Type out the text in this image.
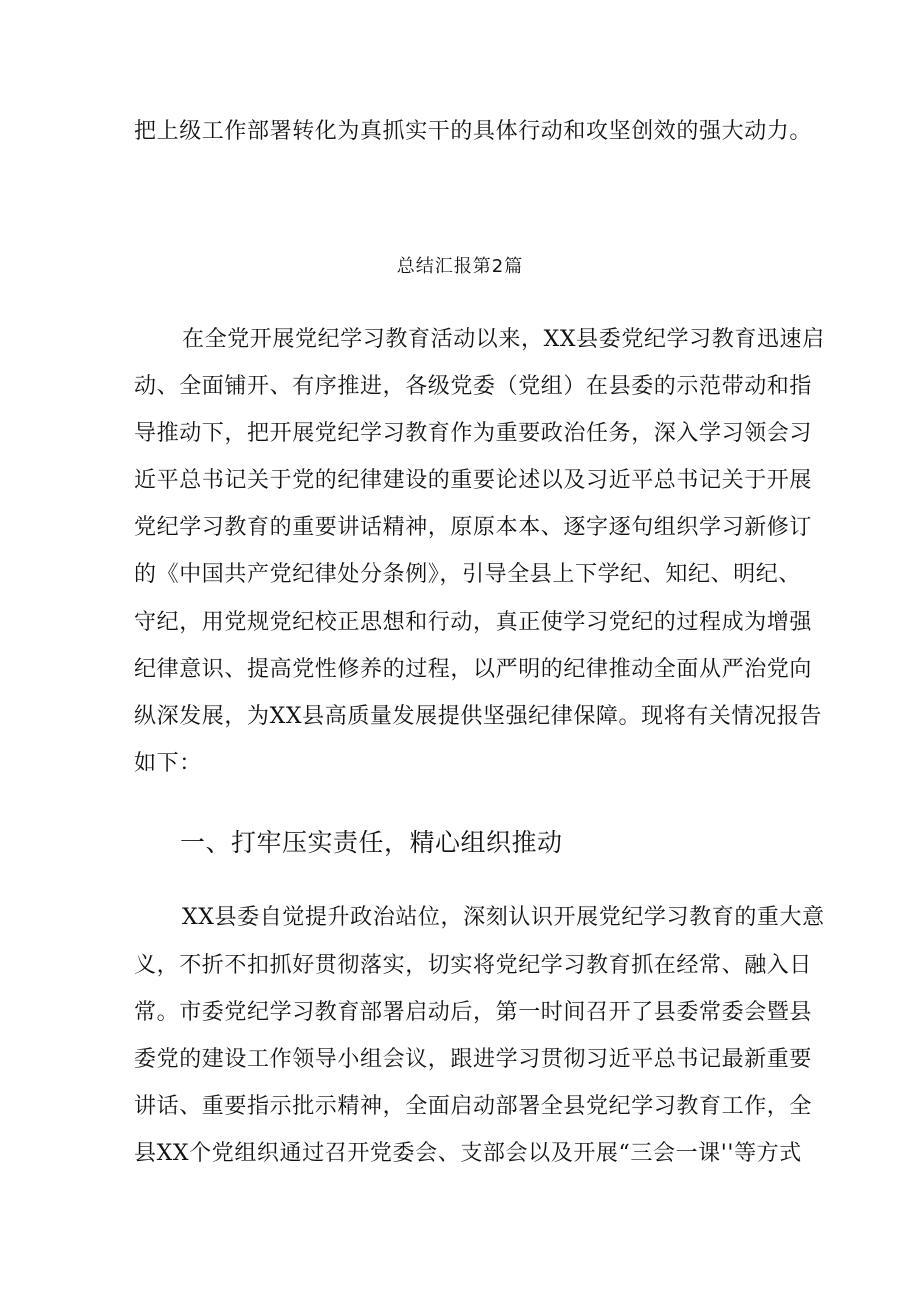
把上级工作部署转化为真抓实干的具体行动和攻坚创效的强大动力。
总结汇报第2篇
在全党开展党纪学习教育活动以来，XX县委党纪学习教育迅速启
动、全面铺开、有序推进，各级党委（党组）在县委的示范带动和指
导推动下，把开展党纪学习教育作为重要政治任务，深入学习领会习
近平总书记关于党的纪律建设的重要论述以及习近平总书记关于开展
党纪学习教育的重要讲话精神，原原本本、逐字逐句组织学习新修订
的《中国共产党纪律处分条例》，引导全县上下学纪、知纪、明纪、
守纪，用党规党纪校正思想和行动，真正使学习党纪的过程成为增强
纪律意识、提高党性修养的过程，以严明的纪律推动全面从严治党向
纵深发展，为XX县高质量发展提供坚强纪律保障。现将有关情况报告
如下：
一、打牢压实责任，精心组织推动
XX县委自觉提升政治站位，深刻认识开展党纪学习教育的重大意
义，不折不扣抓好贯彻落实，切实将党纪学习教育抓在经常、融入日
常。市委党纪学习教育部署启动后，第一时间召开了县委常委会暨县
委党的建设工作领导小组会议，跟进学习贯彻习近平总书记最新重要
讲话、重要指示批示精神，全面启动部署全县党纪学习教育工作，全
县XX个党组织通过召开党委会、支部会以及开展“三会一课''等方式
